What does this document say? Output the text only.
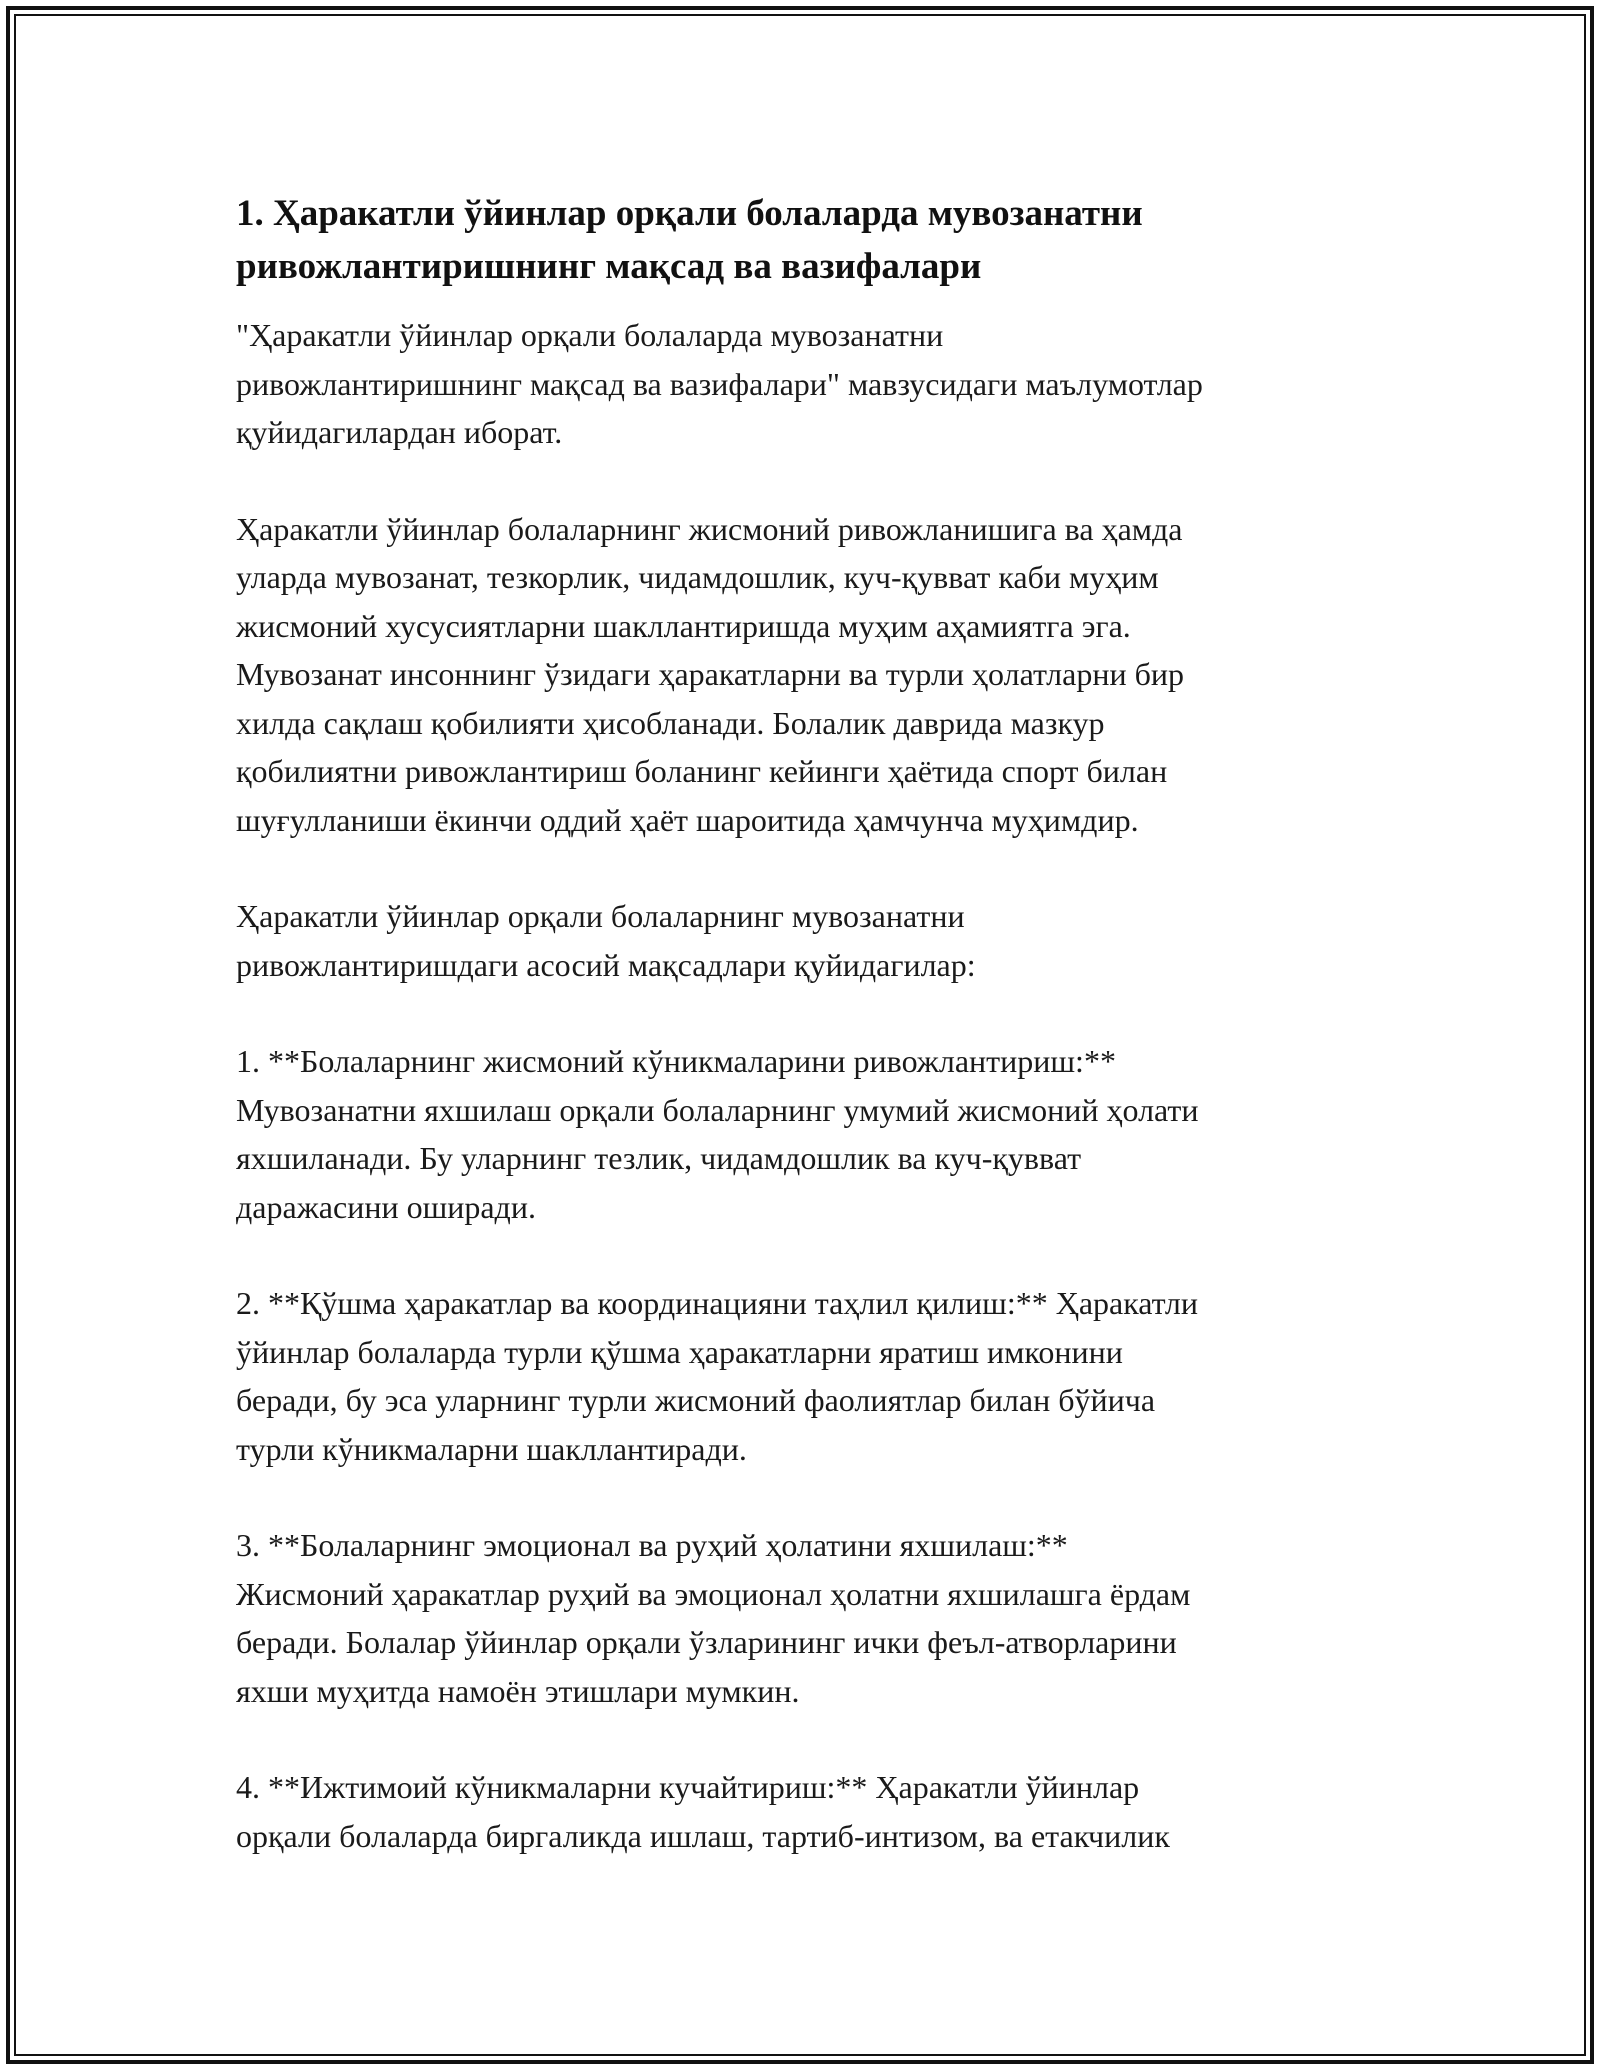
1. Ҳаракатли ўйинлар орқали болаларда мувозанатни
ривожлантиришнинг мақсад ва вазифалари

"Ҳаракатли ўйинлар орқали болаларда мувозанатни
ривожлантиришнинг мақсад ва вазифалари" мавзусидаги маълумотлар
қуйидагилардан иборат.

Ҳаракатли ўйинлар болаларнинг жисмоний ривожланишига ва ҳамда
уларда мувозанат, тезкорлик, чидамдошлик, куч-қувват каби муҳим
жисмоний хусусиятларни шакллантиришда муҳим аҳамиятга эга.
Мувозанат инсоннинг ўзидаги ҳаракатларни ва турли ҳолатларни бир
хилда сақлаш қобилияти ҳисобланади. Болалик даврида мазкур
қобилиятни ривожлантириш боланинг кейинги ҳаётида спорт билан
шуғулланиши ёкинчи оддий ҳаёт шароитида ҳамчунча муҳимдир.

Ҳаракатли ўйинлар орқали болаларнинг мувозанатни
ривожлантиришдаги асосий мақсадлари қуйидагилар:

1. **Болаларнинг жисмоний кўникмаларини ривожлантириш:**
Мувозанатни яхшилаш орқали болаларнинг умумий жисмоний ҳолати
яхшиланади. Бу уларнинг тезлик, чидамдошлик ва куч-қувват
даражасини оширади.

2. **Қўшма ҳаракатлар ва координацияни таҳлил қилиш:** Ҳаракатли
ўйинлар болаларда турли қўшма ҳаракатларни яратиш имконини
беради, бу эса уларнинг турли жисмоний фаолиятлар билан бўйича
турли кўникмаларни шакллантиради.

3. **Болаларнинг эмоционал ва руҳий ҳолатини яхшилаш:**
Жисмоний ҳаракатлар руҳий ва эмоционал ҳолатни яхшилашга ёрдам
беради. Болалар ўйинлар орқали ўзларининг ички феъл-атворларини
яхши муҳитда намоён этишлари мумкин.

4. **Ижтимоий кўникмаларни кучайтириш:** Ҳаракатли ўйинлар
орқали болаларда биргаликда ишлаш, тартиб-интизом, ва етакчилик
